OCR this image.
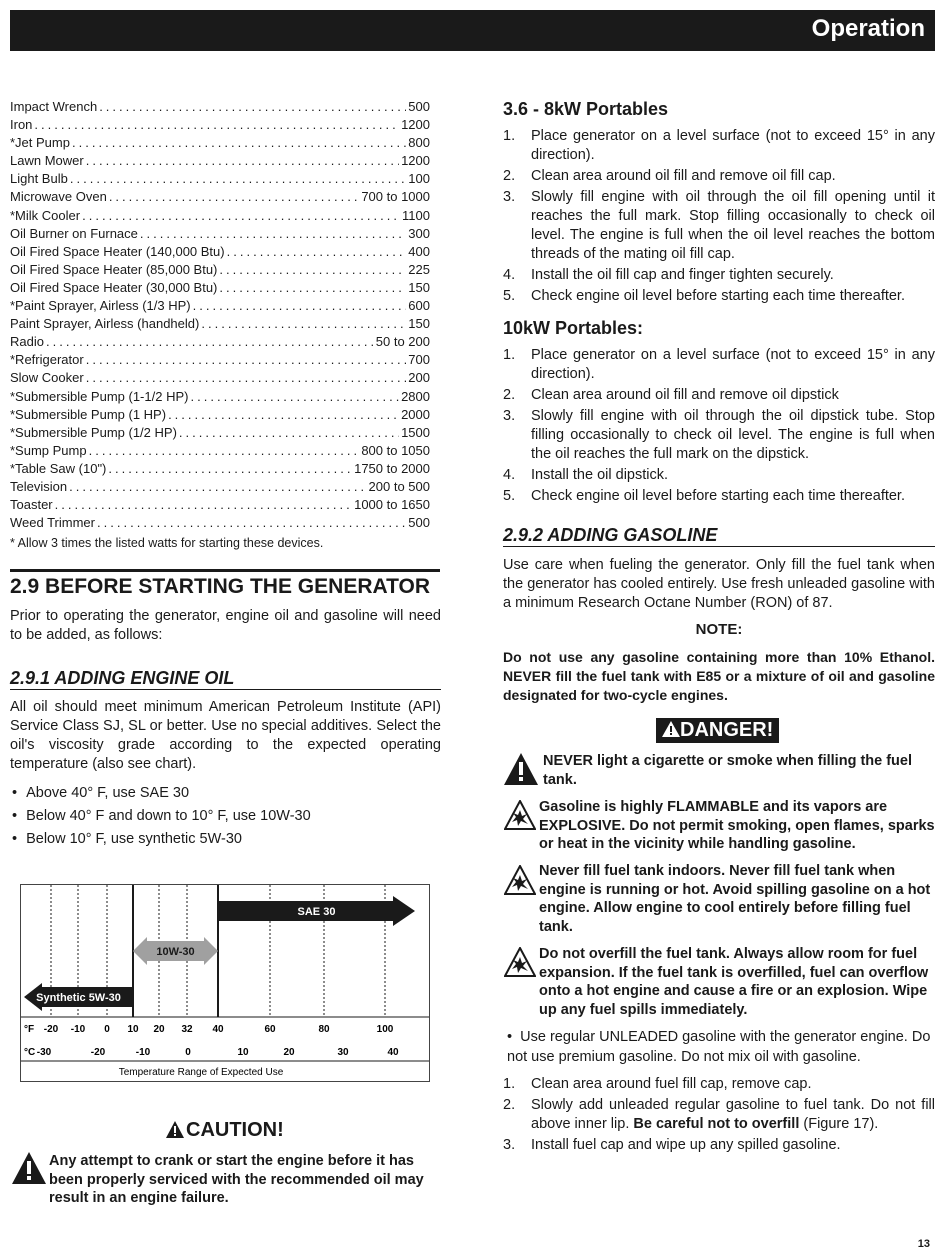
Operation
Impact Wrench . . .	500
Iron . . .	1200
*Jet Pump . . .	800
Lawn Mower . . .	1200
Light Bulb . . .	100
Microwave Oven . . .	700 to 1000
*Milk Cooler . . .	1100
Oil Burner on Furnace . . .	300
Oil Fired Space Heater (140,000 Btu) . . .	400
Oil Fired Space Heater (85,000 Btu) . . .	225
Oil Fired Space Heater (30,000 Btu) . . .	150
*Paint Sprayer, Airless (1/3 HP) . . .	600
Paint Sprayer, Airless (handheld) . . .	150
Radio . . .	50 to 200
*Refrigerator . . .	700
Slow Cooker . . .	200
*Submersible Pump (1-1/2 HP) . . .	2800
*Submersible Pump (1 HP) . . .	2000
*Submersible Pump (1/2 HP) . . .	1500
*Sump Pump . . .	800 to 1050
*Table Saw (10") . . .	1750 to 2000
Television . . .	200 to 500
Toaster . . .	1000 to 1650
Weed Trimmer . . .	500
* Allow 3 times the listed watts for starting these devices.
2.9 BEFORE STARTING THE GENERATOR
Prior to operating the generator, engine oil and gasoline will need to be added, as follows:
2.9.1 ADDING ENGINE OIL
All oil should meet minimum American Petroleum Institute (API) Service Class SJ, SL or better. Use no special additives. Select the oil's viscosity grade according to the expected operating temperature (also see chart).
• Above 40° F, use SAE 30
• Below 40° F and down to 10° F, use 10W-30
• Below 10° F, use synthetic 5W-30
Synthetic 5W-30
10W-30
SAE 30
°F -20 -10 0 10 20 32 40	60	80	100
°C -30	-20	-10	0	10	20	30	40
Temperature Range of Expected Use
CAUTION!
Any attempt to crank or start the engine before it has been properly serviced with the recommended oil may result in an engine failure.
3.6 - 8kW Portables
1.	Place generator on a level surface (not to exceed 15° in any direction).
2.	Clean area around oil fill and remove oil fill cap.
3.	Slowly fill engine with oil through the oil fill opening until it reaches the full mark. Stop filling occasionally to check oil level. The engine is full when the oil level reaches the bottom threads of the mating oil fill cap.
4.	Install the oil fill cap and finger tighten securely.
5.	Check engine oil level before starting each time thereafter.
10kW Portables:
1.	Place generator on a level surface (not to exceed 15° in any direction).
2.	Clean area around oil fill and remove oil dipstick
3.	Slowly fill engine with oil through the oil dipstick tube. Stop filling occasionally to check oil level. The engine is full when the oil reaches the full mark on the dipstick.
4.	Install the oil dipstick.
5.	Check engine oil level before starting each time thereafter.
2.9.2 ADDING GASOLINE
Use care when fueling the generator. Only fill the fuel tank when the generator has cooled entirely. Use fresh unleaded gasoline with a minimum Research Octane Number (RON) of 87.
NOTE:
Do not use any gasoline containing more than 10% Ethanol. NEVER fill the fuel tank with E85 or a mixture of oil and gasoline designated for two-cycle engines.
DANGER!
NEVER light a cigarette or smoke when filling the fuel tank.
Gasoline is highly FLAMMABLE and its vapors are EXPLOSIVE. Do not permit smoking, open flames, sparks or heat in the vicinity while handling gasoline.
Never fill fuel tank indoors. Never fill fuel tank when engine is running or hot. Avoid spilling gasoline on a hot engine. Allow engine to cool entirely before filling fuel tank.
Do not overfill the fuel tank. Always allow room for fuel expansion. If the fuel tank is overfilled, fuel can overflow onto a hot engine and cause a fire or an explosion. Wipe up any fuel spills immediately.
•  Use regular UNLEADED gasoline with the generator engine. Do not use premium gasoline. Do not mix oil with gasoline.
1.	Clean area around fuel fill cap, remove cap.
2.	Slowly add unleaded regular gasoline to fuel tank. Do not fill above inner lip. Be careful not to overfill (Figure 17).
3.	Install fuel cap and wipe up any spilled gasoline.
13
